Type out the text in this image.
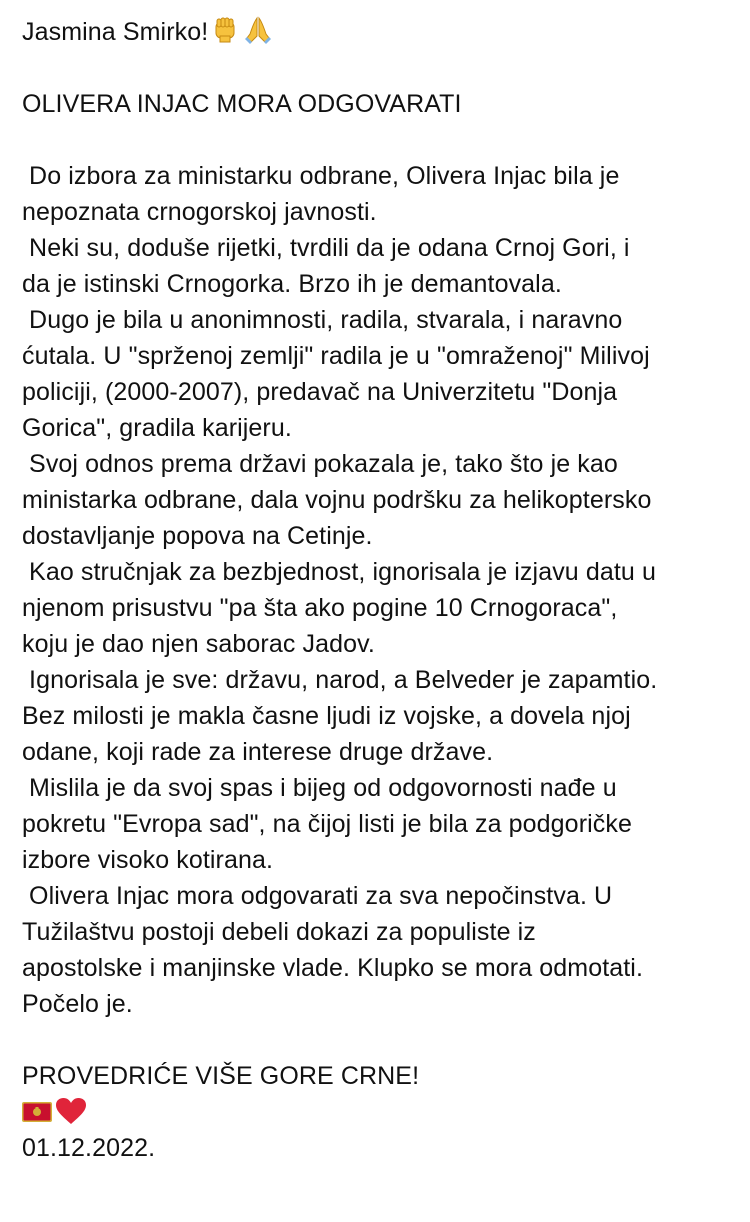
Jasmina Smirko!
OLIVERA INJAC MORA ODGOVARATI
Do izbora za ministarku odbrane, Olivera Injac bila je
nepoznata crnogorskoj javnosti.
Neki su, doduše rijetki, tvrdili da je odana Crnoj Gori, i
da je istinski Crnogorka. Brzo ih je demantovala.
Dugo je bila u anonimnosti, radila, stvarala, i naravno
ćutala. U "spržеnoj zemlji" radila je u "omraženoj" Milivoj
policiji, (2000-2007), predavač na Univerzitetu "Donja
Gorica", gradila karijeru.
Svoj odnos prema državi pokazala je, tako što je kao
ministarka odbrane, dala vojnu podršku za helikoptersko
dostavljanje popova na Cetinje.
Kao stručnjak za bezbjednost, ignorisala je izjavu datu u
njenom prisustvu "pa šta ako pogine 10 Crnogoraca",
koju je dao njen saborac Jadov.
Ignorisala je sve: državu, narod, a Belveder je zapamtio.
Bez milosti je makla časne ljudi iz vojske, a dovela njoj
odane, koji rade za interese druge države.
Mislila je da svoj spas i bijeg od odgovornosti nađe u
pokretu "Evropa sad", na čijoj listi je bila za podgoričke
izbore visoko kotirana.
Olivera Injac mora odgovarati za sva nepočinstva. U
Tužilaštvu postoji debeli dokazi za populiste iz
apostolske i manjinske vlade. Klupko se mora odmotati.
Počelo je.
PROVEDRIĆE VIŠE GORE CRNE!
01.12.2022.
